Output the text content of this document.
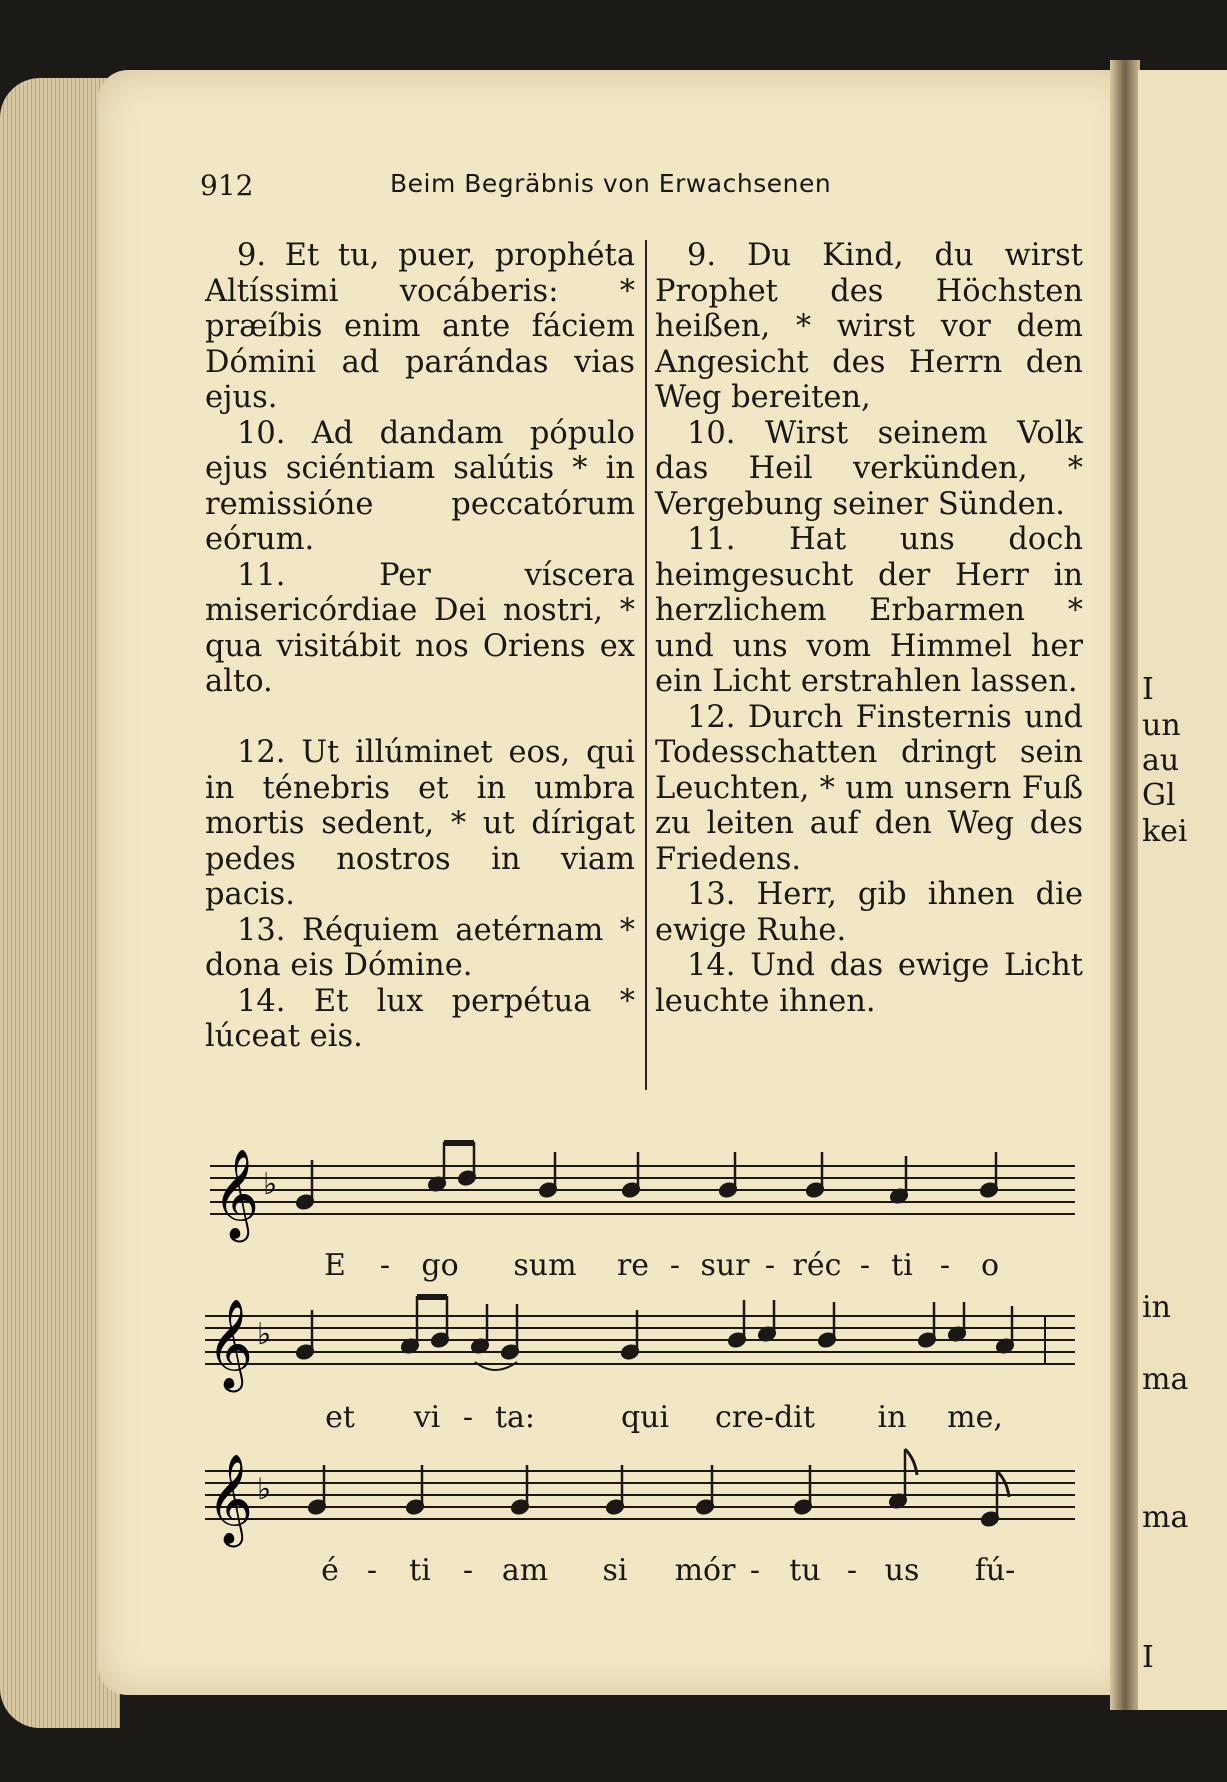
I
un
au
Gl
kei
in
ma
ma
I
912	Beim Begräbnis von Erwachsenen

9. Et tu, puer, prophéta Altíssimi vocáberis: * præíbis enim ante fáciem Dómini ad parándas vias ejus.

10. Ad dandam pópulo ejus sciéntiam salútis * in remissióne peccatórum eórum.

11. Per víscera misericórdiae Dei nostri, * qua visitábit nos Oriens ex alto.

12. Ut illúminet eos, qui in ténebris et in umbra mortis sedent, * ut dírigat pedes nostros in viam pacis.

13. Réquiem aetérnam * dona eis Dómine.

14. Et lux perpétua * lúceat eis.

9. Du Kind, du wirst Prophet des Höchsten heißen, * wirst vor dem Angesicht des Herrn den Weg bereiten,

10. Wirst seinem Volk das Heil verkünden, * Vergebung seiner Sünden.

11. Hat uns doch heimgesucht der Herr in herzlichem Erbarmen * und uns vom Himmel her ein Licht erstrahlen lassen.

12. Durch Finsternis und Todesschatten dringt sein Leuchten, * um unsern Fuß zu leiten auf den Weg des Friedens.

13. Herr, gib ihnen die ewige Ruhe.

14. Und das ewige Licht leuchte ihnen.

𝄞 ♭
E - go sum re - sur - réc - ti - o
𝄞 ♭
et vi - ta:	qui cre-dit in me,
𝄞 ♭
é - ti - am si mór - tu - us fú-
